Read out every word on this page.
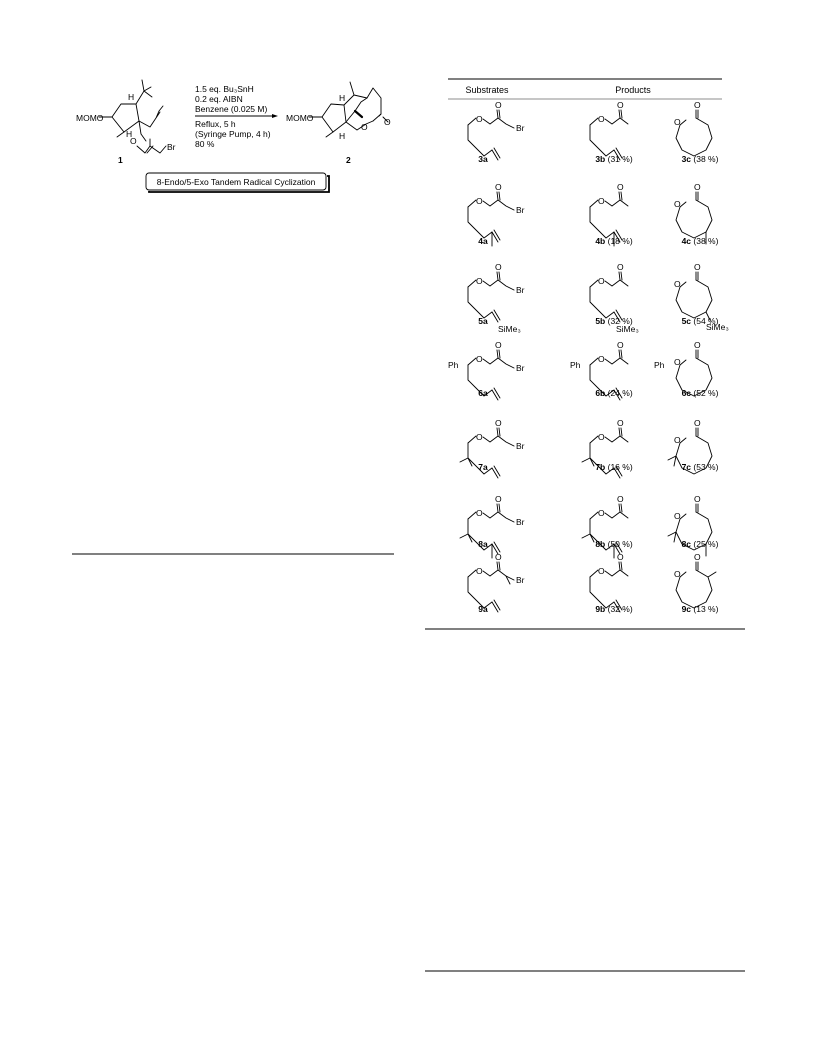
MOMO
H
H
O
Br
1
1.5 eq. Bu₃SnH
0.2 eq. AIBN
Benzene (0.025 M)
Reflux, 5 h
(Syringe Pump, 4 h)
80 %
MOMO
H
H
O O
2
8-Endo/5-Exo Tandem Radical Cyclization
Substrates	Products
O
O
Br
O
O
O
O
3a	3b (31 %)	3c (38 %)
O
O
Br
O
O
O
O
4a	4b (18 %)	4c (38 %)
O
O
Br
SiMe₃
O
O
SiMe₃
O
O
SiMe₃
5a	5b (32 %)	5c (54 %)
O
O
Br
Ph
O
O
Ph	O
O
Ph
6a	6b (24 %)	6c (52 %)
O
O
Br
O
O
O
O
7a	7b (16 %)	7c (53 %)
O
O
Br
O
O
O
O
8a	8b (50 %)	8c (25 %)
O
O
Br
O
O
O
O
9a	9b (32 %)	9c (13 %)
